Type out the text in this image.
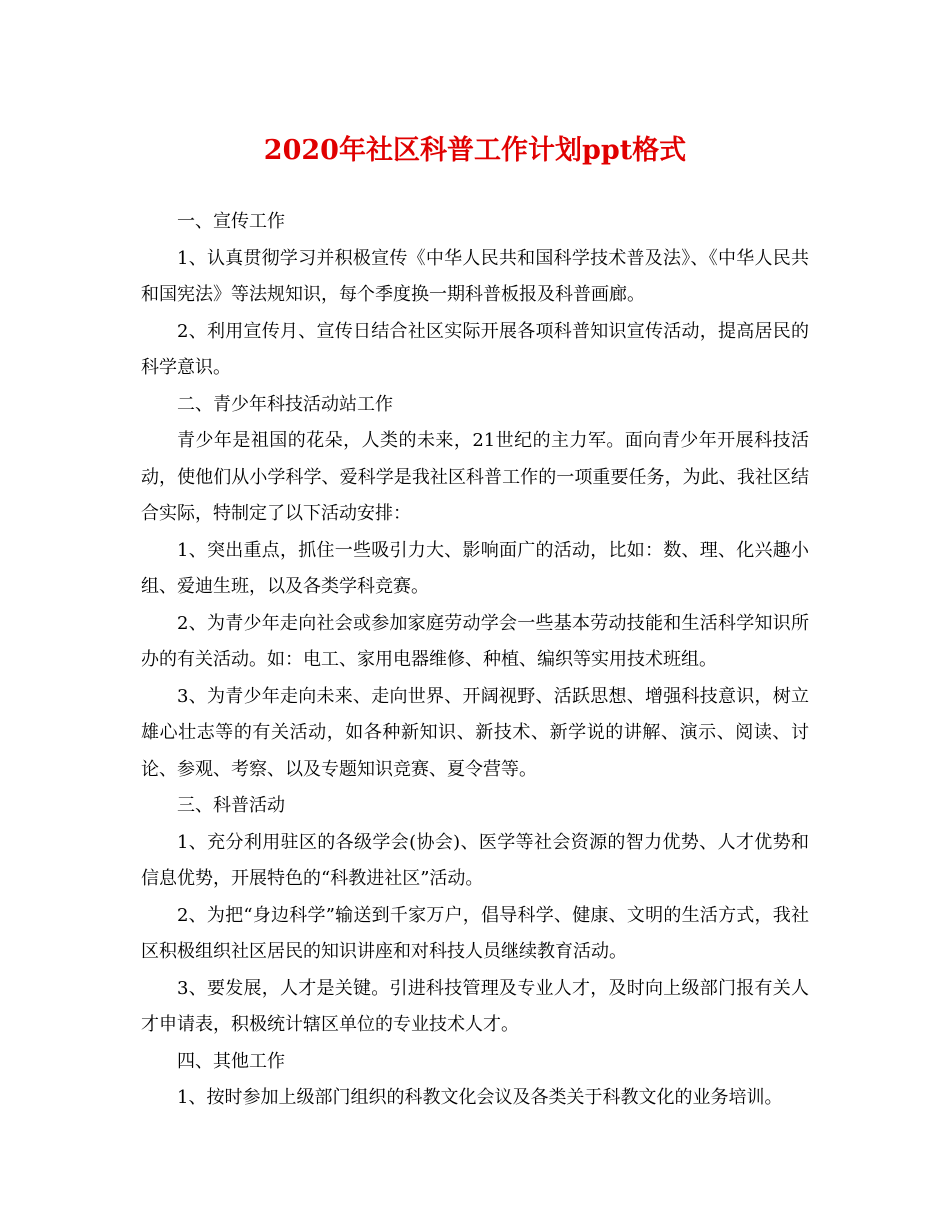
2020年社区科普工作计划ppt格式

一、宣传工作

1、认真贯彻学习并积极宣传《中华人民共和国科学技术普及法》、《中华人民共和国宪法》等法规知识，每个季度换一期科普板报及科普画廊。

2、利用宣传月、宣传日结合社区实际开展各项科普知识宣传活动，提高居民的科学意识。

二、青少年科技活动站工作

青少年是祖国的花朵，人类的未来，21世纪的主力军。面向青少年开展科技活动，使他们从小学科学、爱科学是我社区科普工作的一项重要任务，为此、我社区结合实际，特制定了以下活动安排：

1、突出重点，抓住一些吸引力大、影响面广的活动，比如：数、理、化兴趣小组、爱迪生班，以及各类学科竞赛。

2、为青少年走向社会或参加家庭劳动学会一些基本劳动技能和生活科学知识所办的有关活动。如：电工、家用电器维修、种植、编织等实用技术班组。

3、为青少年走向未来、走向世界、开阔视野、活跃思想、增强科技意识，树立雄心壮志等的有关活动，如各种新知识、新技术、新学说的讲解、演示、阅读、讨论、参观、考察、以及专题知识竞赛、夏令营等。

三、科普活动

1、充分利用驻区的各级学会(协会)、医学等社会资源的智力优势、人才优势和信息优势，开展特色的“科教进社区”活动。

2、为把“身边科学”输送到千家万户，倡导科学、健康、文明的生活方式，我社区积极组织社区居民的知识讲座和对科技人员继续教育活动。

3、要发展，人才是关键。引进科技管理及专业人才，及时向上级部门报有关人才申请表，积极统计辖区单位的专业技术人才。

四、其他工作

1、按时参加上级部门组织的科教文化会议及各类关于科教文化的业务培训。
